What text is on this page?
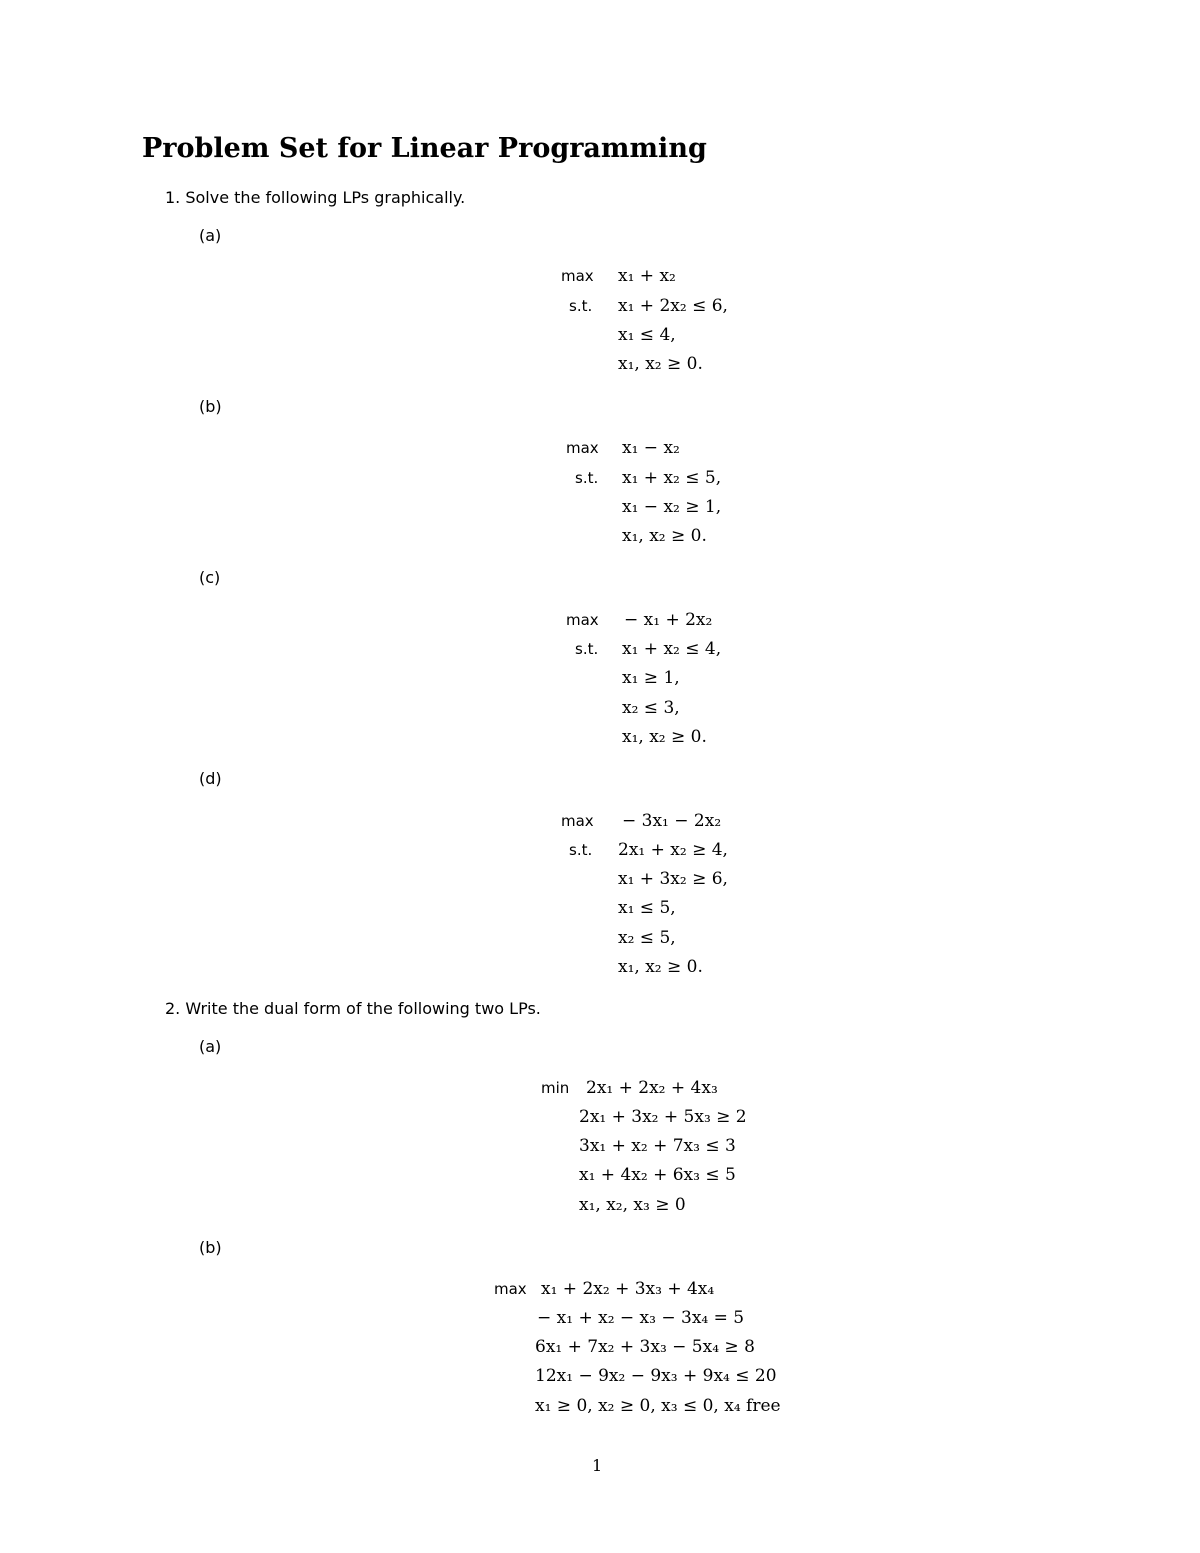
Problem Set for Linear Programming
1. Solve the following LPs graphically.
(a)
max x₁ + x₂
s.t. x₁ + 2x₂ ≤ 6,
x₁ ≤ 4,
x₁, x₂ ≥ 0.
(b)
max x₁ − x₂
s.t. x₁ + x₂ ≤ 5,
x₁ − x₂ ≥ 1,
x₁, x₂ ≥ 0.
(c)
max − x₁ + 2x₂
s.t. x₁ + x₂ ≤ 4,
x₁ ≥ 1,
x₂ ≤ 3,
x₁, x₂ ≥ 0.
(d)
max − 3x₁ − 2x₂
s.t. 2x₁ + x₂ ≥ 4,
x₁ + 3x₂ ≥ 6,
x₁ ≤ 5,
x₂ ≤ 5,
x₁, x₂ ≥ 0.
2. Write the dual form of the following two LPs.
(a)
min 2x₁ + 2x₂ + 4x₃
2x₁ + 3x₂ + 5x₃ ≥ 2
3x₁ + x₂ + 7x₃ ≤ 3
x₁ + 4x₂ + 6x₃ ≤ 5
x₁, x₂, x₃ ≥ 0
(b)
max x₁ + 2x₂ + 3x₃ + 4x₄
− x₁ + x₂ − x₃ − 3x₄ = 5
6x₁ + 7x₂ + 3x₃ − 5x₄ ≥ 8
12x₁ − 9x₂ − 9x₃ + 9x₄ ≤ 20
x₁ ≥ 0, x₂ ≥ 0, x₃ ≤ 0, x₄ free
1
